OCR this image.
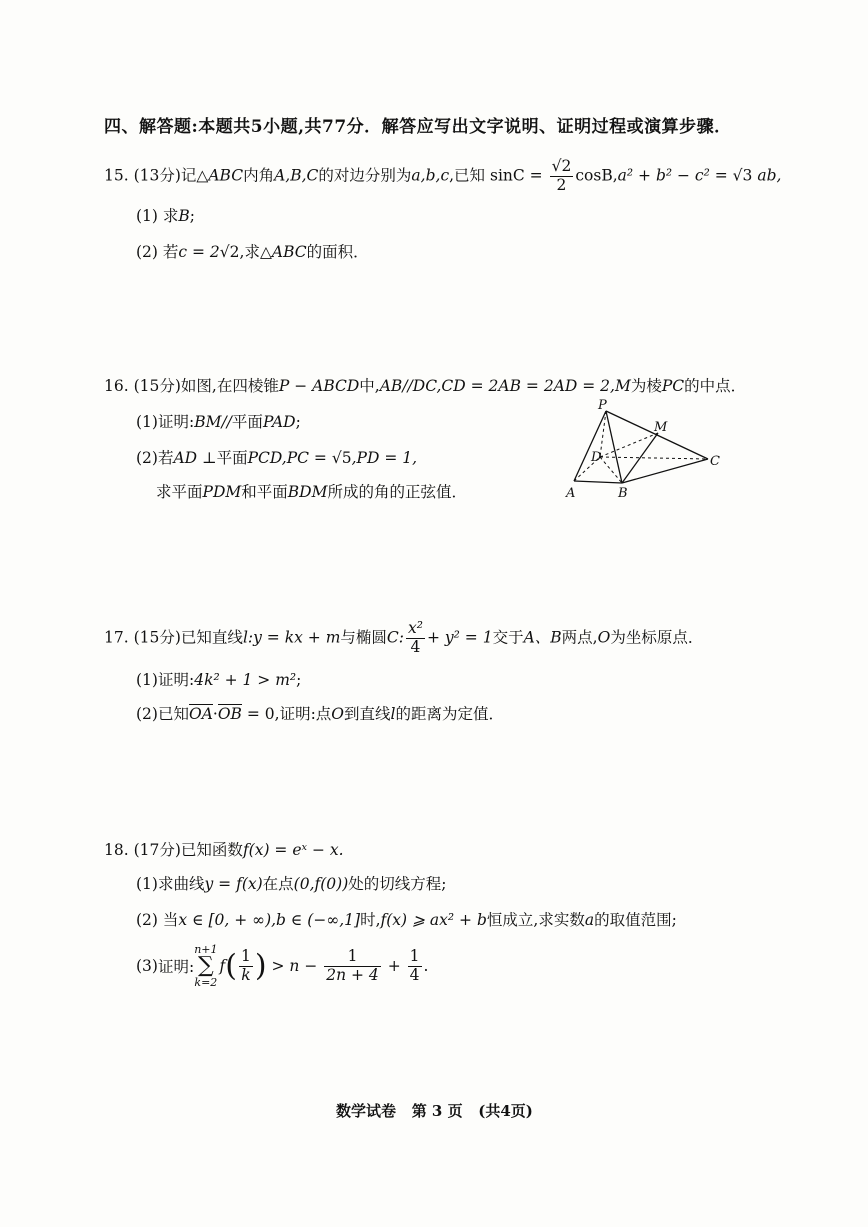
四、解答题:本题共5小题,共77分．解答应写出文字说明、证明过程或演算步骤．
15. (13分)记△ABC内角A,B,C的对边分别为a,b,c,已知 $\sin C = \frac{√2}{2} \cos B,a^2 + b^2 - c^2 = √3$ ab,
(1) 求B;
(2) 若c = 2√2,求△ABC的面积．
16. (15分)如图,在四棱锥P − ABCD中,AB//DC,CD = 2AB = 2AD = 2,M为棱PC的中点．
(1)证明:BM//平面PAD;
(2)若AD ⊥平面PCD,PC = √5,PD = 1,
求平面PDM和平面BDM所成的角的正弦值．
P
M
D	C
A	B
17. (15分)已知直线l:y = kx + m与椭圆C: $\frac{\text{x²}}{4} + y^2 = 1$交于A、B两点,O为坐标原点．
(1)证明:4k² + 1 > m²;
(2)已知OA·OB = 0,证明:点O到直线l的距离为定值．
18. (17分)已知函数f(x) = eˣ − x.
(1)求曲线y = f(x)在点(0,f(0))处的切线方程;
(2) 当x ∈ [0, + ∞),b ∈ (−∞,1]时,f(x) ⩾ ax² + b恒成立,求实数a的取值范围;
(3)证明:n+1
∑
$k=2f( \frac{1}{k}$ ) > $n - \frac{1}{2n + 4} + \frac{1}{4}$ .
数学试卷 第 3 页 (共4页)
